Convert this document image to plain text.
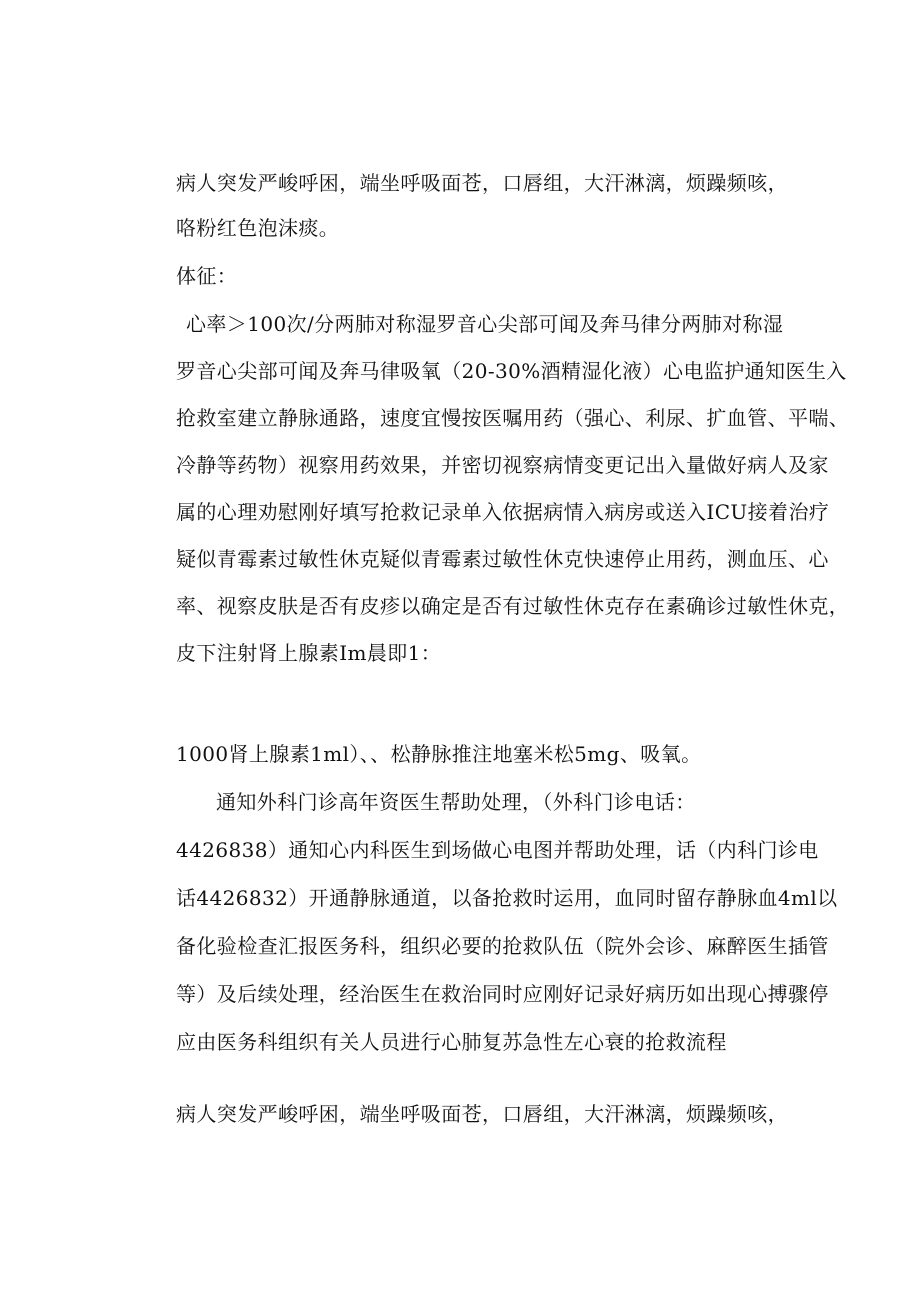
病人突发严峻呼困，端坐呼吸面苍，口唇组，大汗淋漓，烦躁频咳，

咯粉红色泡沫痰。

体征：

心率＞100次/分两肺对称湿罗音心尖部可闻及奔马律分两肺对称湿

罗音心尖部可闻及奔马律吸氧（20-30%酒精湿化液）心电监护通知医生入

抢救室建立静脉通路，速度宜慢按医嘱用药（强心、利尿、扩血管、平喘、

冷静等药物）视察用药效果，并密切视察病情变更记出入量做好病人及家

属的心理劝慰刚好填写抢救记录单入依据病情入病房或送入ICU接着治疗

疑似青霉素过敏性休克疑似青霉素过敏性休克快速停止用药，测血压、心

率、视察皮肤是否有皮疹以确定是否有过敏性休克存在素确诊过敏性休克，

皮下注射肾上腺素Im晨即1：

1000肾上腺素1ml）、、松静脉推注地塞米松5mg、吸氧。

通知外科门诊高年资医生帮助处理，（外科门诊电话：

4426838）通知心内科医生到场做心电图并帮助处理，话（内科门诊电

话4426832）开通静脉通道，以备抢救时运用，血同时留存静脉血4ml以

备化验检查汇报医务科，组织必要的抢救队伍（院外会诊、麻醉医生插管

等）及后续处理，经治医生在救治同时应刚好记录好病历如出现心搏骤停

应由医务科组织有关人员进行心肺复苏急性左心衰的抢救流程

病人突发严峻呼困，端坐呼吸面苍，口唇组，大汗淋漓，烦躁频咳，
